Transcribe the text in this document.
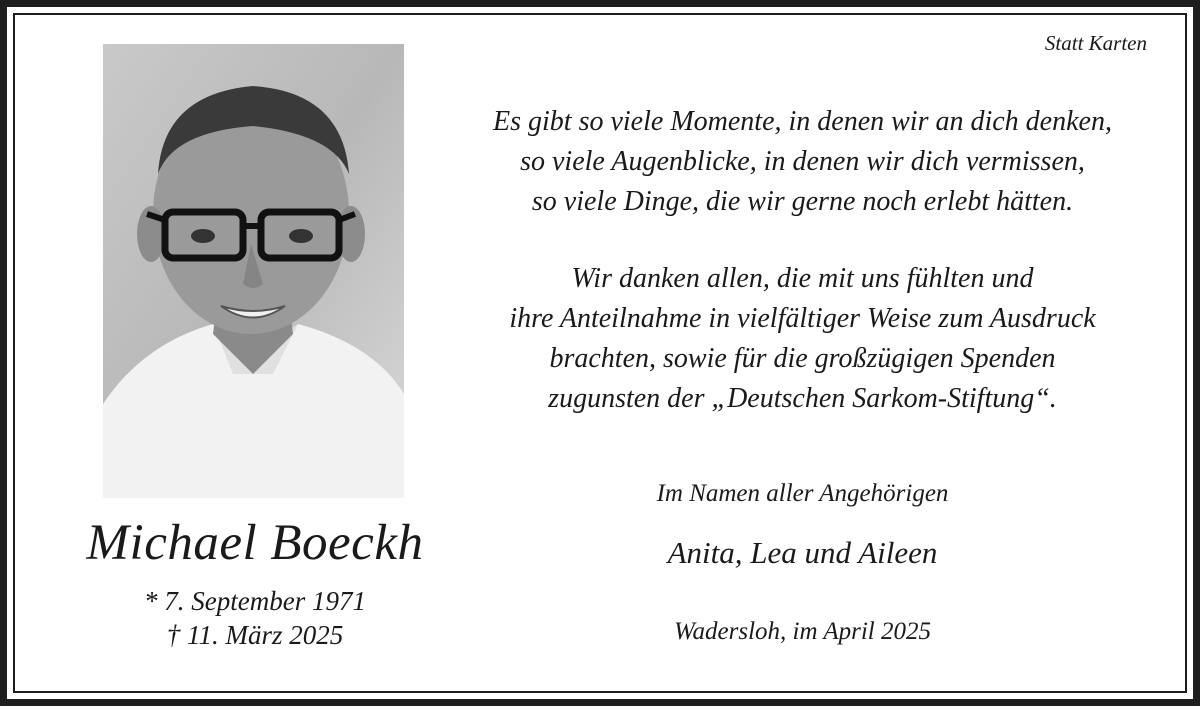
Statt Karten
Es gibt so viele Momente, in denen wir an dich denken,
so viele Augenblicke, in denen wir dich vermissen,
so viele Dinge, die wir gerne noch erlebt hätten.
Wir danken allen, die mit uns fühlten und
ihre Anteilnahme in vielfältiger Weise zum Ausdruck
brachten, sowie für die großzügigen Spenden
zugunsten der „Deutschen Sarkom-Stiftung“.
Im Namen aller Angehörigen
Anita, Lea und Aileen
Wadersloh, im April 2025
Michael Boeckh
* 7. September 1971
† 11. März 2025
